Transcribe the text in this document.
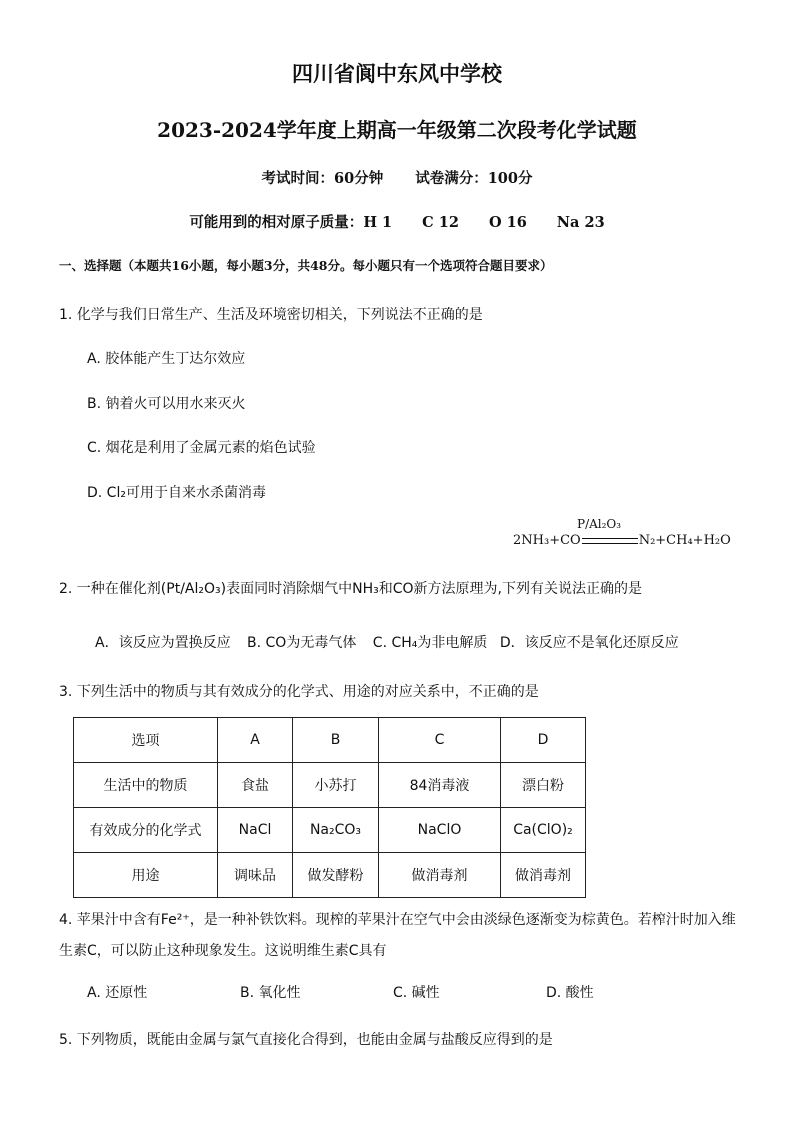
四川省阆中东风中学校
2023-2024学年度上期高一年级第二次段考化学试题
考试时间：60分钟 试卷满分：100分
可能用到的相对原子质量：H 1 C 12 O 16 Na 23
一、选择题（本题共16小题，每小题3分，共48分。每小题只有一个选项符合题目要求）
1. 化学与我们日常生产、生活及环境密切相关，下列说法不正确的是
A. 胶体能产生丁达尔效应
B. 钠着火可以用水来灭火
C. 烟花是利用了金属元素的焰色试验
D. Cl₂可用于自来水杀菌消毒
P/Al₂O₃
2NH₃+CO	N₂+CH₄+H₂O
2. 一种在催化剂(Pt/Al₂O₃)表面同时消除烟气中NH₃和CO新方法原理为,下列有关说法正确的是
A．该反应为置换反应 B. CO为无毒气体 C. CH₄为非电解质 D．该反应不是氧化还原反应
3. 下列生活中的物质与其有效成分的化学式、用途的对应关系中，不正确的是
选项	A	B	C	D
生活中的物质	食盐	小苏打	84消毒液	漂白粉
有效成分的化学式	NaCl	Na₂CO₃	NaClO	Ca(ClO)₂
用途	调味品	做发酵粉	做消毒剂	做消毒剂
4. 苹果汁中含有Fe²⁺，是一种补铁饮料。现榨的苹果汁在空气中会由淡绿色逐渐变为棕黄色。若榨汁时加入维生素C，可以防止这种现象发生。这说明维生素C具有
A. 还原性	B. 氧化性	C. 碱性	D. 酸性
5. 下列物质，既能由金属与氯气直接化合得到，也能由金属与盐酸反应得到的是
